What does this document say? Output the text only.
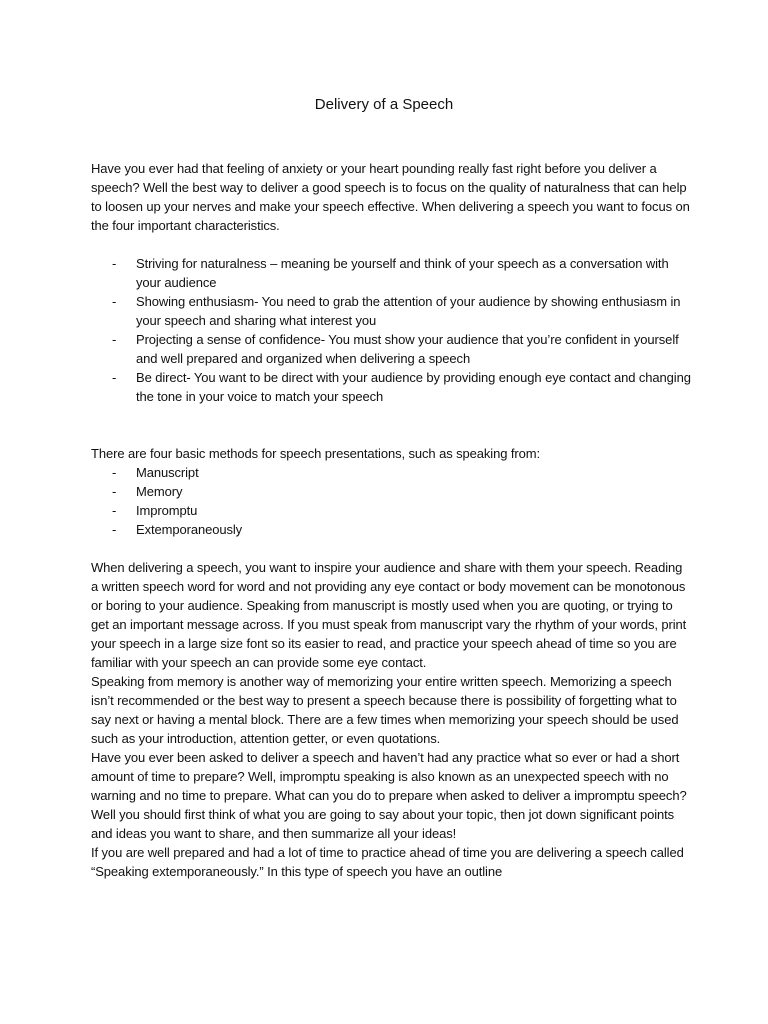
Delivery of a Speech

Have you ever had that feeling of anxiety or your heart pounding really fast right before you deliver a speech? Well the best way to deliver a good speech is to focus on the quality of naturalness that can help to loosen up your nerves and make your speech effective. When delivering a speech you want to focus on the four important characteristics.

- Striving for naturalness – meaning be yourself and think of your speech as a conversation with your audience
- Showing enthusiasm- You need to grab the attention of your audience by showing enthusiasm in your speech and sharing what interest you
- Projecting a sense of confidence- You must show your audience that you’re confident in yourself and well prepared and organized when delivering a speech
- Be direct- You want to be direct with your audience by providing enough eye contact and changing the tone in your voice to match your speech

There are four basic methods for speech presentations, such as speaking from:

- Manuscript
- Memory
- Impromptu
- Extemporaneously

When delivering a speech, you want to inspire your audience and share with them your speech. Reading a written speech word for word and not providing any eye contact or body movement can be monotonous or boring to your audience. Speaking from manuscript is mostly used when you are quoting, or trying to get an important message across. If you must speak from manuscript vary the rhythm of your words, print your speech in a large size font so its easier to read, and practice your speech ahead of time so you are familiar with your speech an can provide some eye contact.

Speaking from memory is another way of memorizing your entire written speech. Memorizing a speech isn’t recommended or the best way to present a speech because there is possibility of forgetting what to say next or having a mental block. There are a few times when memorizing your speech should be used such as your introduction, attention getter, or even quotations.

Have you ever been asked to deliver a speech and haven’t had any practice what so ever or had a short amount of time to prepare? Well, impromptu speaking is also known as an unexpected speech with no warning and no time to prepare. What can you do to prepare when asked to deliver a impromptu speech? Well you should first think of what you are going to say about your topic, then jot down significant points and ideas you want to share, and then summarize all your ideas!

If you are well prepared and had a lot of time to practice ahead of time you are delivering a speech called “Speaking extemporaneously.” In this type of speech you have an outline
